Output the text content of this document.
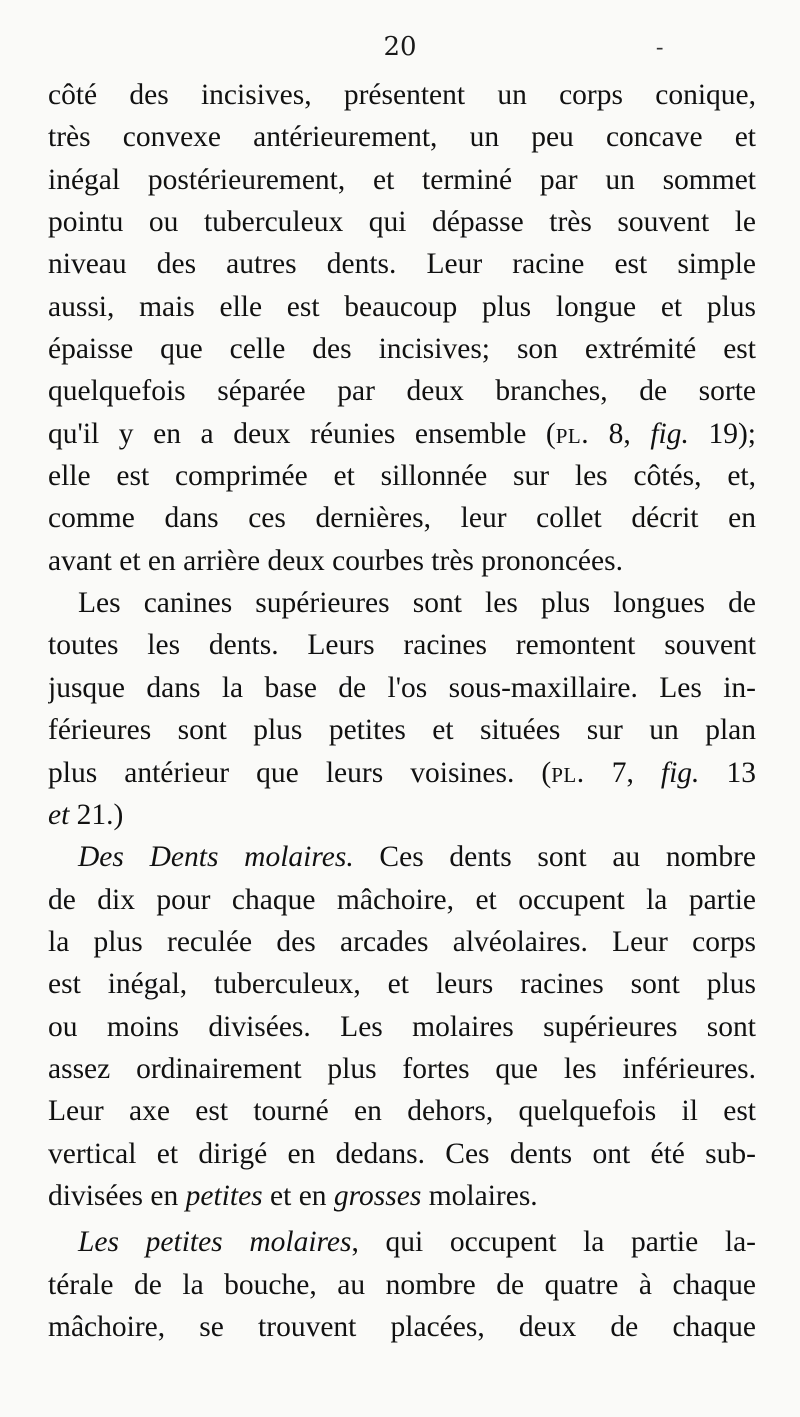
20	-
côté des incisives, présentent un corps conique,
très convexe antérieurement, un peu concave et
inégal postérieurement, et terminé par un sommet
pointu ou tuberculeux qui dépasse très souvent le
niveau des autres dents. Leur racine est simple
aussi, mais elle est beaucoup plus longue et plus
épaisse que celle des incisives; son extrémité est
quelquefois séparée par deux branches, de sorte
qu'il y en a deux réunies ensemble (pl. 8, fig. 19);
elle est comprimée et sillonnée sur les côtés, et,
comme dans ces dernières, leur collet décrit en
avant et en arrière deux courbes très prononcées.
Les canines supérieures sont les plus longues de
toutes les dents. Leurs racines remontent souvent
jusque dans la base de l'os sous-maxillaire. Les in-
férieures sont plus petites et situées sur un plan
plus antérieur que leurs voisines. (pl. 7, fig. 13
et 21.)
Des Dents molaires. Ces dents sont au nombre
de dix pour chaque mâchoire, et occupent la partie
la plus reculée des arcades alvéolaires. Leur corps
est inégal, tuberculeux, et leurs racines sont plus
ou moins divisées. Les molaires supérieures sont
assez ordinairement plus fortes que les inférieures.
Leur axe est tourné en dehors, quelquefois il est
vertical et dirigé en dedans. Ces dents ont été sub-
divisées en petites et en grosses molaires.
Les petites molaires, qui occupent la partie la-
térale de la bouche, au nombre de quatre à chaque
mâchoire, se trouvent placées, deux de chaque
